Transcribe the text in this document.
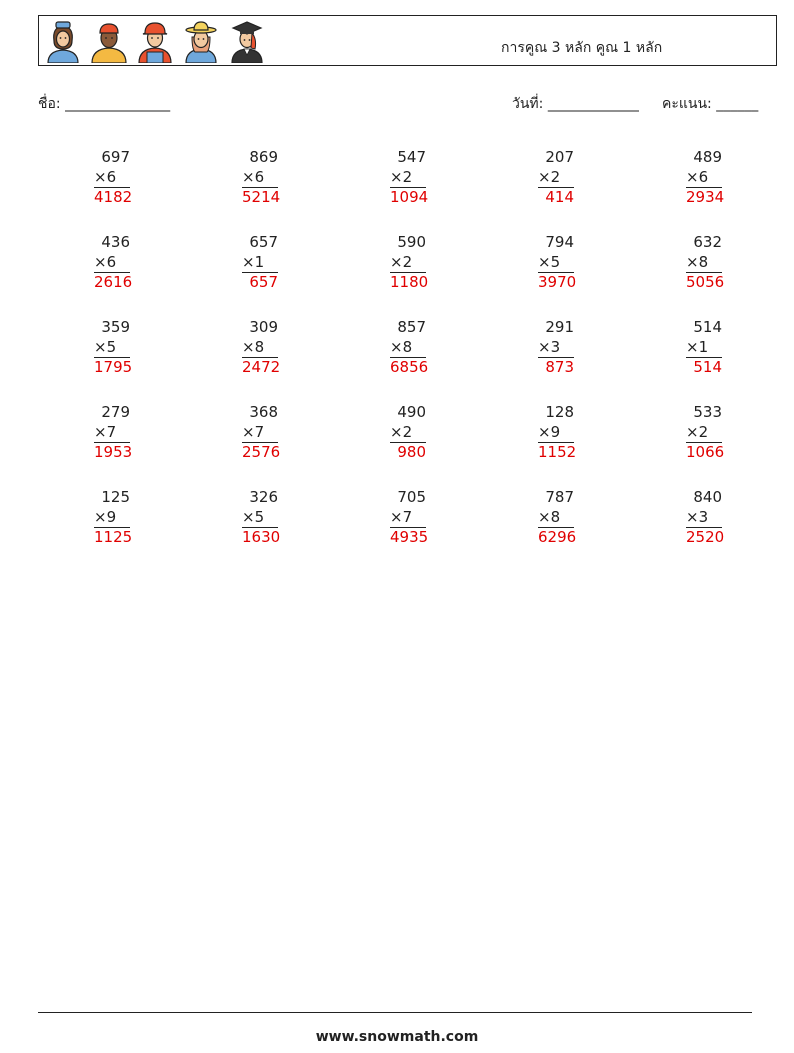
การคูณ 3 หลัก คูณ 1 หลัก
ชื่อ: _______________	วันที่: _____________ คะแนน: ______
697
×6
4182
869
×6
5214
547
×2
1094
207
×2
414
489
×6
2934
436
×6
2616
657
×1
657
590
×2
1180
794
×5
3970
632
×8
5056
359
×5
1795
309
×8
2472
857
×8
6856
291
×3
873
514
×1
514
279
×7
1953
368
×7
2576
490
×2
980
128
×9
1152
533
×2
1066
125
×9
1125
326
×5
1630
705
×7
4935
787
×8
6296
840
×3
2520
www.snowmath.com
